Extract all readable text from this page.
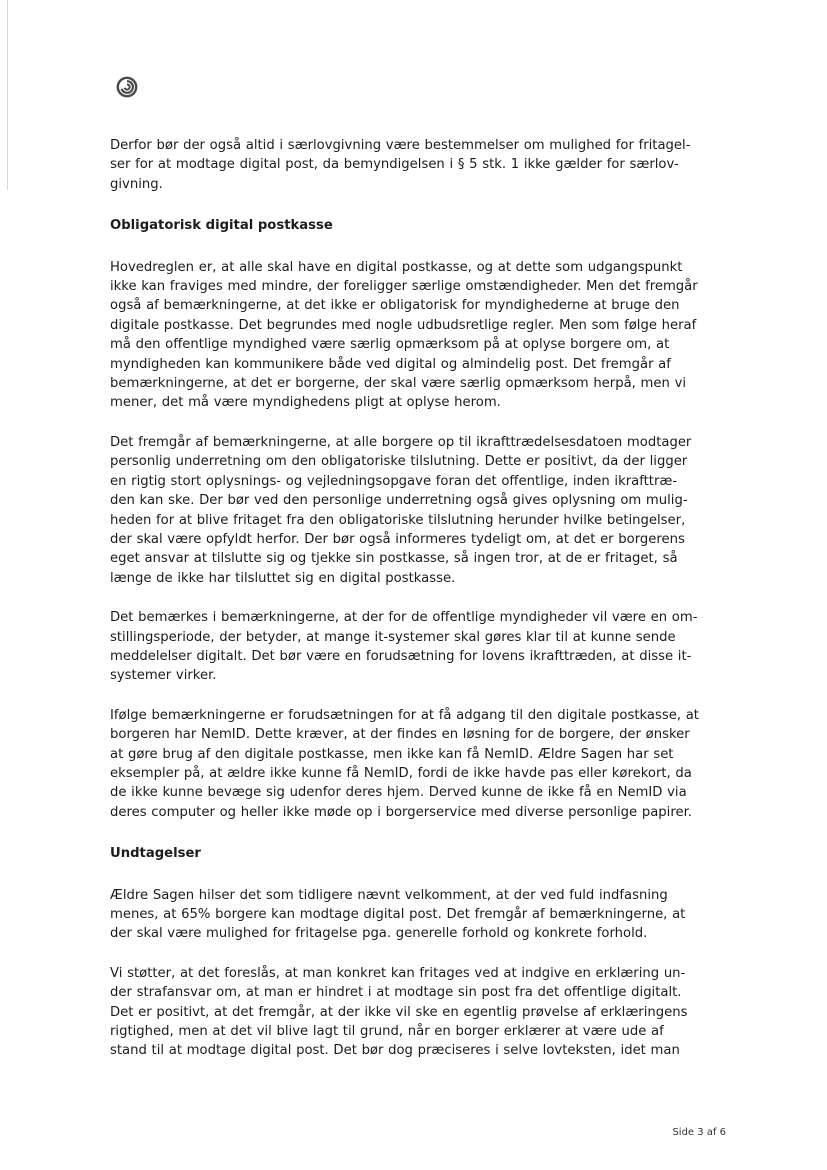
Derfor bør der også altid i særlovgivning være bestemmelser om mulighed for fritagel-
ser for at modtage digital post, da bemyndigelsen i § 5 stk. 1 ikke gælder for særlov-
givning.

Obligatorisk digital postkasse

Hovedreglen er, at alle skal have en digital postkasse, og at dette som udgangspunkt
ikke kan fraviges med mindre, der foreligger særlige omstændigheder. Men det fremgår
også af bemærkningerne, at det ikke er obligatorisk for myndighederne at bruge den
digitale postkasse. Det begrundes med nogle udbudsretlige regler. Men som følge heraf
må den offentlige myndighed være særlig opmærksom på at oplyse borgere om, at
myndigheden kan kommunikere både ved digital og almindelig post. Det fremgår af
bemærkningerne, at det er borgerne, der skal være særlig opmærksom herpå, men vi
mener, det må være myndighedens pligt at oplyse herom.

Det fremgår af bemærkningerne, at alle borgere op til ikrafttrædelsesdatoen modtager
personlig underretning om den obligatoriske tilslutning. Dette er positivt, da der ligger
en rigtig stort oplysnings- og vejledningsopgave foran det offentlige, inden ikrafttræ-
den kan ske. Der bør ved den personlige underretning også gives oplysning om mulig-
heden for at blive fritaget fra den obligatoriske tilslutning herunder hvilke betingelser,
der skal være opfyldt herfor. Der bør også informeres tydeligt om, at det er borgerens
eget ansvar at tilslutte sig og tjekke sin postkasse, så ingen tror, at de er fritaget, så
længe de ikke har tilsluttet sig en digital postkasse.

Det bemærkes i bemærkningerne, at der for de offentlige myndigheder vil være en om-
stillingsperiode, der betyder, at mange it-systemer skal gøres klar til at kunne sende
meddelelser digitalt. Det bør være en forudsætning for lovens ikrafttræden, at disse it-
systemer virker.

Ifølge bemærkningerne er forudsætningen for at få adgang til den digitale postkasse, at
borgeren har NemID. Dette kræver, at der findes en løsning for de borgere, der ønsker
at gøre brug af den digitale postkasse, men ikke kan få NemID. Ældre Sagen har set
eksempler på, at ældre ikke kunne få NemID, fordi de ikke havde pas eller kørekort, da
de ikke kunne bevæge sig udenfor deres hjem. Derved kunne de ikke få en NemID via
deres computer og heller ikke møde op i borgerservice med diverse personlige papirer.

Undtagelser

Ældre Sagen hilser det som tidligere nævnt velkomment, at der ved fuld indfasning
menes, at 65% borgere kan modtage digital post. Det fremgår af bemærkningerne, at
der skal være mulighed for fritagelse pga. generelle forhold og konkrete forhold.

Vi støtter, at det foreslås, at man konkret kan fritages ved at indgive en erklæring un-
der strafansvar om, at man er hindret i at modtage sin post fra det offentlige digitalt.
Det er positivt, at det fremgår, at der ikke vil ske en egentlig prøvelse af erklæringens
rigtighed, men at det vil blive lagt til grund, når en borger erklærer at være ude af
stand til at modtage digital post. Det bør dog præciseres i selve lovteksten, idet man

Side 3 af 6
